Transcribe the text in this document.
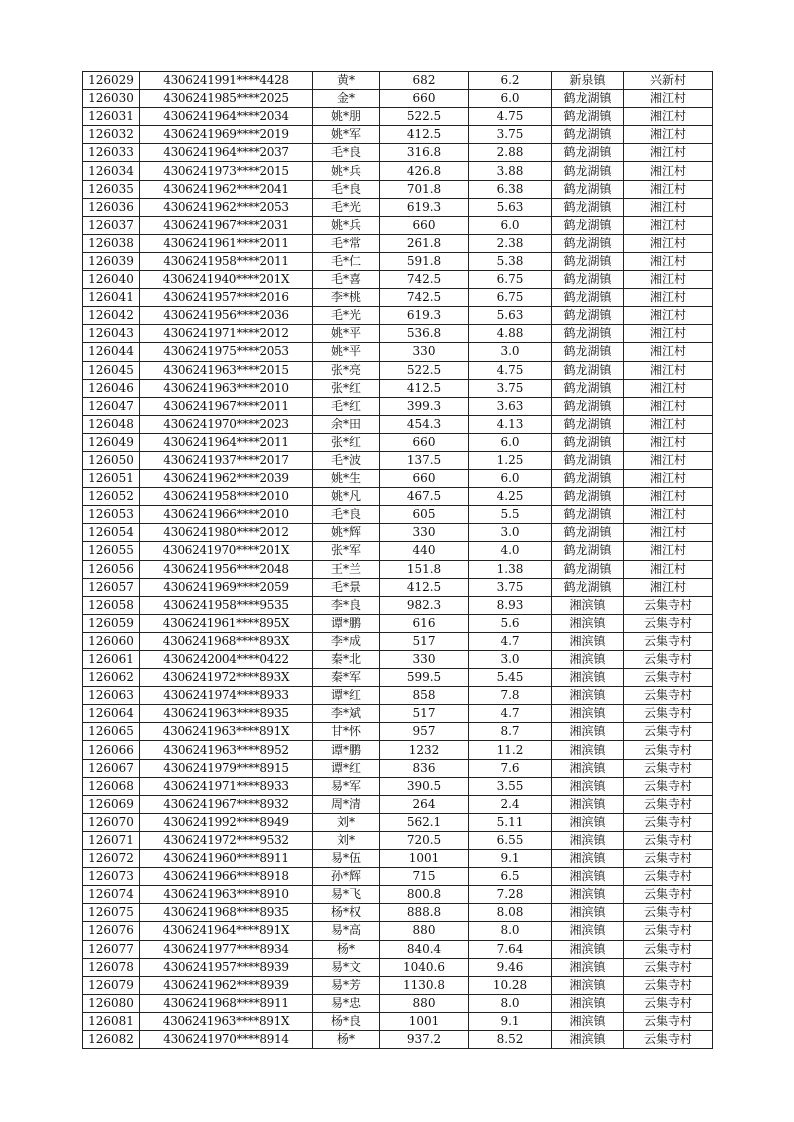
126029	4306241991****4428	黄*	682	6.2	新泉镇	兴新村
126030	4306241985****2025	金*	660	6.0	鹤龙湖镇	湘江村
126031	4306241964****2034	姚*朋	522.5	4.75	鹤龙湖镇	湘江村
126032	4306241969****2019	姚*军	412.5	3.75	鹤龙湖镇	湘江村
126033	4306241964****2037	毛*良	316.8	2.88	鹤龙湖镇	湘江村
126034	4306241973****2015	姚*兵	426.8	3.88	鹤龙湖镇	湘江村
126035	4306241962****2041	毛*良	701.8	6.38	鹤龙湖镇	湘江村
126036	4306241962****2053	毛*光	619.3	5.63	鹤龙湖镇	湘江村
126037	4306241967****2031	姚*兵	660	6.0	鹤龙湖镇	湘江村
126038	4306241961****2011	毛*常	261.8	2.38	鹤龙湖镇	湘江村
126039	4306241958****2011	毛*仁	591.8	5.38	鹤龙湖镇	湘江村
126040	4306241940****201X	毛*喜	742.5	6.75	鹤龙湖镇	湘江村
126041	4306241957****2016	李*桃	742.5	6.75	鹤龙湖镇	湘江村
126042	4306241956****2036	毛*光	619.3	5.63	鹤龙湖镇	湘江村
126043	4306241971****2012	姚*平	536.8	4.88	鹤龙湖镇	湘江村
126044	4306241975****2053	姚*平	330	3.0	鹤龙湖镇	湘江村
126045	4306241963****2015	张*亮	522.5	4.75	鹤龙湖镇	湘江村
126046	4306241963****2010	张*红	412.5	3.75	鹤龙湖镇	湘江村
126047	4306241967****2011	毛*红	399.3	3.63	鹤龙湖镇	湘江村
126048	4306241970****2023	余*田	454.3	4.13	鹤龙湖镇	湘江村
126049	4306241964****2011	张*红	660	6.0	鹤龙湖镇	湘江村
126050	4306241937****2017	毛*波	137.5	1.25	鹤龙湖镇	湘江村
126051	4306241962****2039	姚*生	660	6.0	鹤龙湖镇	湘江村
126052	4306241958****2010	姚*凡	467.5	4.25	鹤龙湖镇	湘江村
126053	4306241966****2010	毛*良	605	5.5	鹤龙湖镇	湘江村
126054	4306241980****2012	姚*辉	330	3.0	鹤龙湖镇	湘江村
126055	4306241970****201X	张*军	440	4.0	鹤龙湖镇	湘江村
126056	4306241956****2048	王*兰	151.8	1.38	鹤龙湖镇	湘江村
126057	4306241969****2059	毛*景	412.5	3.75	鹤龙湖镇	湘江村
126058	4306241958****9535	李*良	982.3	8.93	湘滨镇	云集寺村
126059	4306241961****895X	谭*鹏	616	5.6	湘滨镇	云集寺村
126060	4306241968****893X	李*成	517	4.7	湘滨镇	云集寺村
126061	4306242004****0422	秦*北	330	3.0	湘滨镇	云集寺村
126062	4306241972****893X	秦*军	599.5	5.45	湘滨镇	云集寺村
126063	4306241974****8933	谭*红	858	7.8	湘滨镇	云集寺村
126064	4306241963****8935	李*斌	517	4.7	湘滨镇	云集寺村
126065	4306241963****891X	甘*怀	957	8.7	湘滨镇	云集寺村
126066	4306241963****8952	谭*鹏	1232	11.2	湘滨镇	云集寺村
126067	4306241979****8915	谭*红	836	7.6	湘滨镇	云集寺村
126068	4306241971****8933	易*军	390.5	3.55	湘滨镇	云集寺村
126069	4306241967****8932	周*清	264	2.4	湘滨镇	云集寺村
126070	4306241992****8949	刘*	562.1	5.11	湘滨镇	云集寺村
126071	4306241972****9532	刘*	720.5	6.55	湘滨镇	云集寺村
126072	4306241960****8911	易*伍	1001	9.1	湘滨镇	云集寺村
126073	4306241966****8918	孙*辉	715	6.5	湘滨镇	云集寺村
126074	4306241963****8910	易*飞	800.8	7.28	湘滨镇	云集寺村
126075	4306241968****8935	杨*权	888.8	8.08	湘滨镇	云集寺村
126076	4306241964****891X	易*高	880	8.0	湘滨镇	云集寺村
126077	4306241977****8934	杨*	840.4	7.64	湘滨镇	云集寺村
126078	4306241957****8939	易*文	1040.6	9.46	湘滨镇	云集寺村
126079	4306241962****8939	易*芳	1130.8	10.28	湘滨镇	云集寺村
126080	4306241968****8911	易*忠	880	8.0	湘滨镇	云集寺村
126081	4306241963****891X	杨*良	1001	9.1	湘滨镇	云集寺村
126082	4306241970****8914	杨*	937.2	8.52	湘滨镇	云集寺村
